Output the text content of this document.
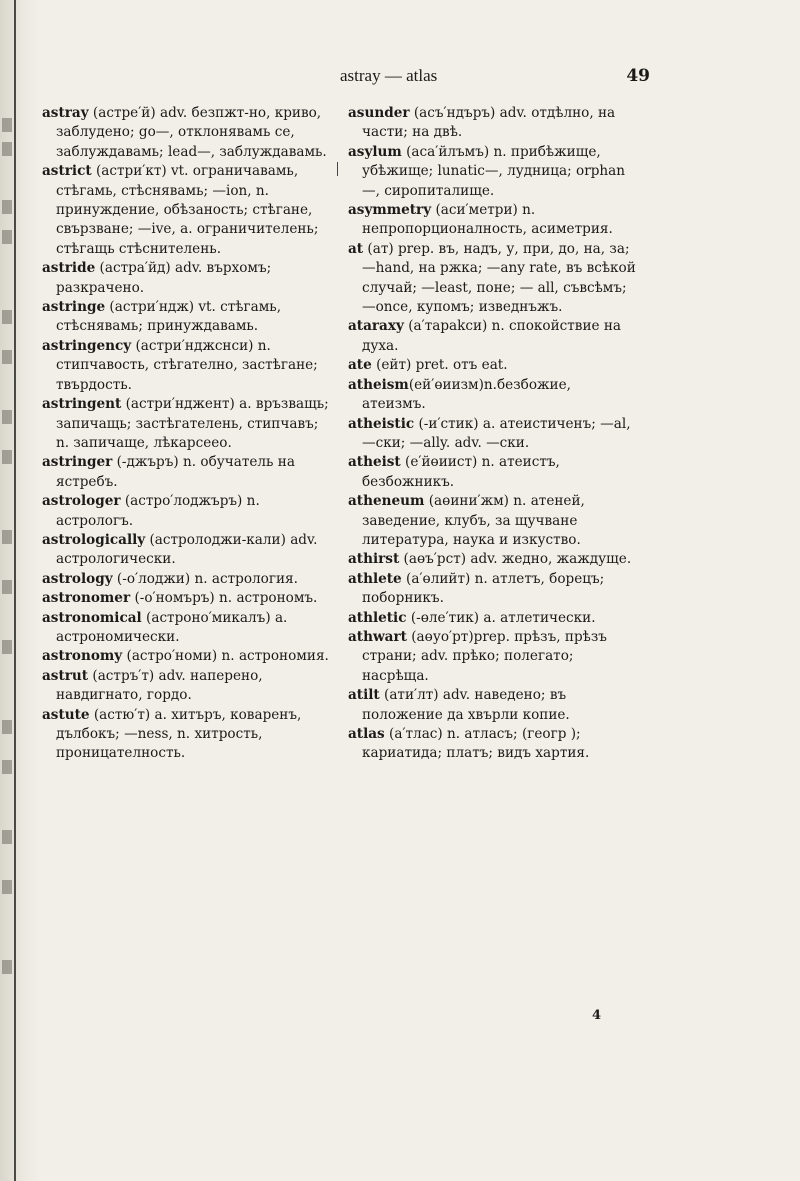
astray — atlas	49
astray (астре′й) adv. безпжт-но, криво, заблудено; go—, отклонявамь се, заблуждавамь; lead—, заблуждавамь.
astrict (астри′кт) vt. ограничавамь, стѣгамь, стѣснявамь; —ion, n. принуждение, обѣзаность; стѣгане, свързване; —ive, a. ограничителень; стѣгащь стѣснителень.
astride (астра′йд) adv. върхомъ; разкрачено.
astringe (астри′ндж) vt. стѣгамь, стѣснявамь; принуждавамь.
astringency (астри′нджснси) n. стипчавость, стѣгателно, застѣгане; твърдость.
astringent (астри′нджент) a. връзващь; запичащь; застѣгателень, стипчавъ; n. запичаще, лѣкарсеео.
astringer (-джъръ) n. обучатель на ястребъ.
astrologer (астро′лоджъръ) n. астрологъ.
astrologically (астролоджи-кали) adv. астрологически.
astrology (-о′лоджи) n. астрология.
astronomer (-о′номъръ) n. астрономъ.
astronomical (астроно′микалъ) a. астрономически.
astronomy (астро′номи) n. астрономия.
astrut (астръ′т) adv. наперено, навдигнато, гордо.
astute (астю′т) a. хитъръ, коваренъ, дълбокъ; —ness, n. хитрость, проницателность.
asunder (асъ′ндъръ) adv. отдѣлно, на части; на двѣ.
asylum (аса′йлъмъ) n. прибѣжище, убѣжище; lunatic—, лудница; orphan —, сиропиталище.
asymmetry (аси′метри) n. непропорционалность, асиметрия.
at (ат) prep. въ, надъ, у, при, до, на, за; —hand, на ржка; —any rate, въ всѣкой случай; —least, поне; — all, съвсѣмъ; —once, купомъ; изведнъжъ.
ataraxy (а′тарakси) n. спокойствие на духа.
ate (ейт) pret. отъ eat.
atheism(ей′өиизм)n.безбожие, атеизмъ.
atheistic (-и′стик) a. атеистиченъ; —al, —ски; —ally. adv. —ски.
atheist (е′йөиист) n. атеистъ, безбожникъ.
atheneum (аөини′жм) n. атеней, заведение, клубъ, за щучване литература, наука и изкуство.
athirst (аөъ′рст) adv. жедно, жаждуще.
athlete (а′өлийт) n. атлетъ, борецъ; поборникъ.
athletic (-өле′тик) a. атлетически.
athwart (аөуо′рт)prep. прѣзъ, прѣзъ страни; adv. прѣко; полегато; насрѣща.
atilt (ати′лт) adv. наведено; въ положение да хвърли копие.
atlas (а′тлас) n. атласъ; (геогр ); кариатида; платъ; видъ хартия.
4
